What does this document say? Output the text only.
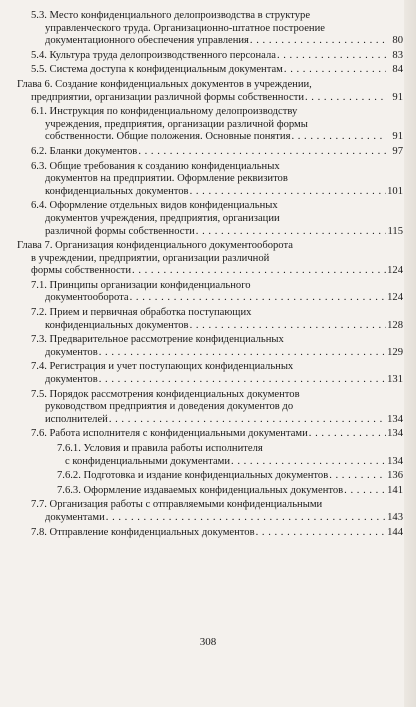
5.3. Место конфиденциального делопроизводства в структуре
управленческого труда. Организационно-штатное построение
документационного обеспечения управления . . .	80
5.4. Культура труда делопроизводственного персонала . . .	83
5.5. Система доступа к конфиденциальным документам . . .	84
Глава 6. Создание конфиденциальных документов в учреждении,
предприятии, организации различной формы собственности . . .	91
6.1. Инструкция по конфиденциальному делопроизводству
учреждения, предприятия, организации различной формы
собственности. Общие положения. Основные понятия . . .	91
6.2. Бланки документов . . .	97
6.3. Общие требования к созданию конфиденциальных
документов на предприятии. Оформление реквизитов
конфиденциальных документов . . .	101
6.4. Оформление отдельных видов конфиденциальных
документов учреждения, предприятия, организации
различной формы собственности . . .	115
Глава 7. Организация конфиденциального документооборота
в учреждении, предприятии, организации различной
формы собственности . . .	124
7.1. Принципы организации конфиденциального
документооборота . . .	124
7.2. Прием и первичная обработка поступающих
конфиденциальных документов . . .	128
7.3. Предварительное рассмотрение конфиденциальных
документов . . .	129
7.4. Регистрация и учет поступающих конфиденциальных
документов . . .	131
7.5. Порядок рассмотрения конфиденциальных документов
руководством предприятия и доведения документов до
исполнителей . . .	134
7.6. Работа исполнителя с конфиденциальными документами . . .	134
7.6.1. Условия и правила работы исполнителя
с конфиденциальными документами . . .	134
7.6.2. Подготовка и издание конфиденциальных документов . . .	136
7.6.3. Оформление издаваемых конфиденциальных документов . . .	141
7.7. Организация работы с отправляемыми конфиденциальными
документами . . .	143
7.8. Отправление конфиденциальных документов . . .	144
308
